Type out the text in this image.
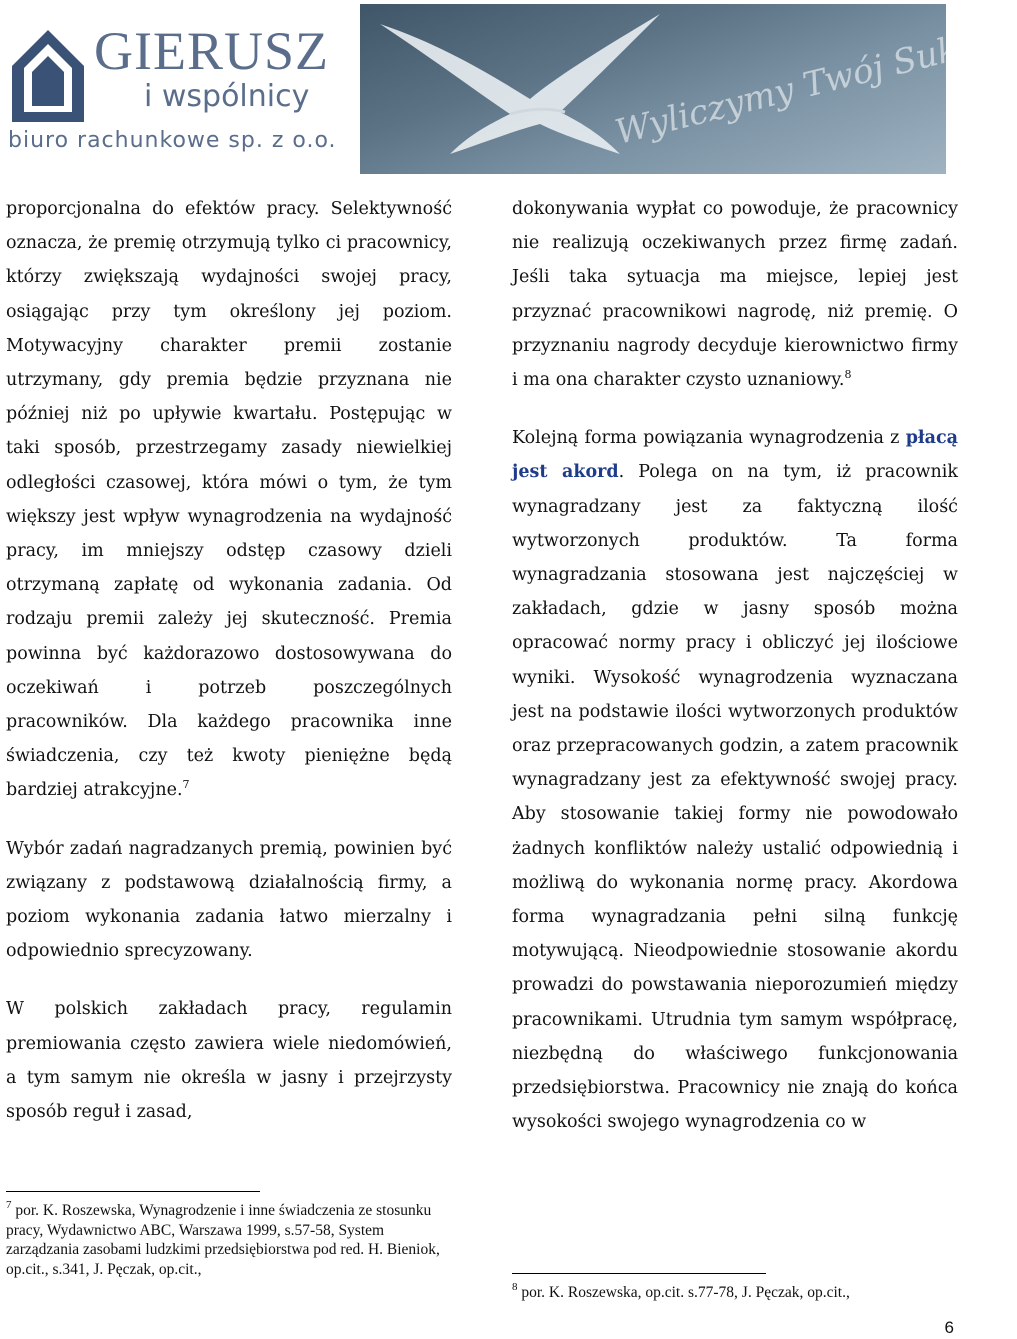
GIERUSZ
i wspólnicy
biuro rachunkowe sp. z o.o.	Wyliczymy Twój Sukces

proporcjonalna do efektów pracy. Selektywność oznacza, że premię otrzymują tylko ci pracownicy, którzy zwiększają wydajności swojej pracy, osiągając przy tym określony jej poziom. Motywacyjny charakter premii zostanie utrzymany, gdy premia będzie przyznana nie później niż po upływie kwartału. Postępując w taki sposób, przestrzegamy zasady niewielkiej odległości czasowej, która mówi o tym, że tym większy jest wpływ wynagrodzenia na wydajność pracy, im mniejszy odstęp czasowy dzieli otrzymaną zapłatę od wykonania zadania. Od rodzaju premii zależy jej skuteczność. Premia powinna być każdorazowo dostosowywana do oczekiwań i potrzeb poszczególnych pracowników. Dla każdego pracownika inne świadczenia, czy też kwoty pieniężne będą bardziej atrakcyjne.$^7$

Wybór zadań nagradzanych premią, powinien być związany z podstawową działalnością firmy, a poziom wykonania zadania łatwo mierzalny i odpowiednio sprecyzowany.

W polskich zakładach pracy, regulamin premiowania często zawiera wiele niedomówień, a tym samym nie określa w jasny i przejrzysty sposób reguł i zasad,

$^7$ por. K. Roszewska, Wynagrodzenie i inne świadczenia ze stosunku pracy, Wydawnictwo ABC, Warszawa 1999, s.57-58, System zarządzania zasobami ludzkimi przedsiębiorstwa pod red. H. Bieniok, op.cit., s.341, J. Pęczak, op.cit.,

dokonywania wypłat co powoduje, że pracownicy nie realizują oczekiwanych przez firmę zadań. Jeśli taka sytuacja ma miejsce, lepiej jest przyznać pracownikowi nagrodę, niż premię. O przyznaniu nagrody decyduje kierownictwo firmy i ma ona charakter czysto uznaniowy.$^8$

Kolejną forma powiązania wynagrodzenia z płacą jest akord. Polega on na tym, iż pracownik wynagradzany jest za faktyczną ilość wytworzonych produktów. Ta forma wynagradzania stosowana jest najczęściej w zakładach, gdzie w jasny sposób można opracować normy pracy i obliczyć jej ilościowe wyniki. Wysokość wynagrodzenia wyznaczana jest na podstawie ilości wytworzonych produktów oraz przepracowanych godzin, a zatem pracownik wynagradzany jest za efektywność swojej pracy. Aby stosowanie takiej formy nie powodowało żadnych konfliktów należy ustalić odpowiednią i możliwą do wykonania normę pracy. Akordowa forma wynagradzania pełni silną funkcję motywującą. Nieodpowiednie stosowanie akordu prowadzi do powstawania nieporozumień między pracownikami. Utrudnia tym samym współpracę, niezbędną do właściwego funkcjonowania przedsiębiorstwa. Pracownicy nie znają do końca wysokości swojego wynagrodzenia co w

$^8$ por. K. Roszewska, op.cit. s.77-78, J. Pęczak, op.cit.,
6
